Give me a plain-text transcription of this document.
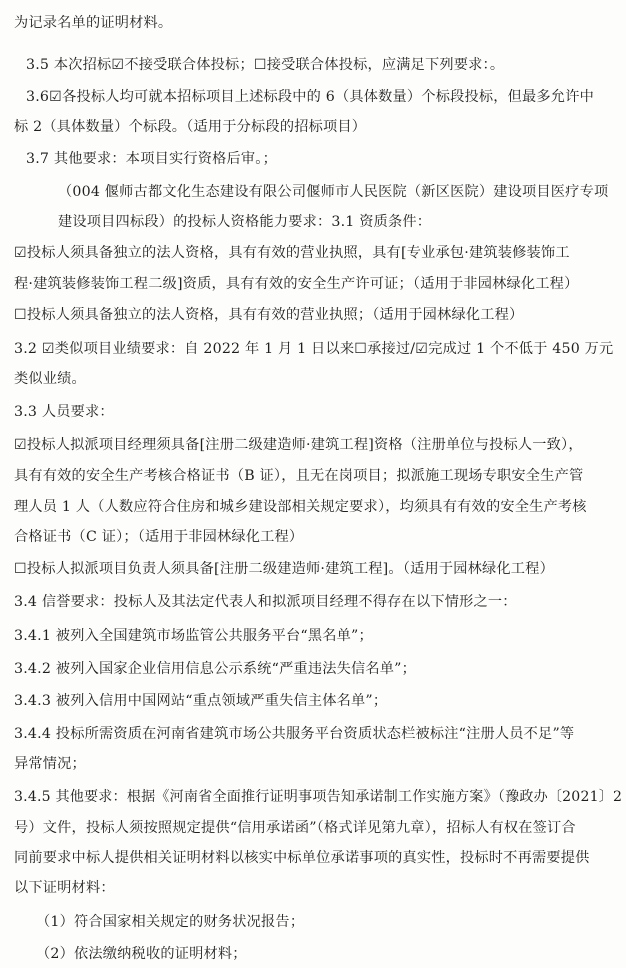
为记录名单的证明材料。
3.5 本次招标☑不接受联合体投标；☐接受联合体投标，应满足下列要求：。
3.6☑各投标人均可就本招标项目上述标段中的 6（具体数量）个标段投标，但最多允许中
标 2（具体数量）个标段。（适用于分标段的招标项目）
3.7 其他要求：本项目实行资格后审。；
（004 偃师古都文化生态建设有限公司偃师市人民医院（新区医院）建设项目医疗专项
建设项目四标段）的投标人资格能力要求：3.1 资质条件：
☑投标人须具备独立的法人资格，具有有效的营业执照，具有[专业承包·建筑装修装饰工
程·建筑装修装饰工程二级]资质，具有有效的安全生产许可证；（适用于非园林绿化工程）
☐投标人须具备独立的法人资格，具有有效的营业执照；（适用于园林绿化工程）
3.2 ☑类似项目业绩要求：自 2022 年 1 月 1 日以来☐承接过/☑完成过 1 个不低于 450 万元
类似业绩。
3.3 人员要求：
☑投标人拟派项目经理须具备[注册二级建造师·建筑工程]资格（注册单位与投标人一致），
具有有效的安全生产考核合格证书（B 证），且无在岗项目；拟派施工现场专职安全生产管
理人员 1 人（人数应符合住房和城乡建设部相关规定要求），均须具有有效的安全生产考核
合格证书（C 证）；（适用于非园林绿化工程）
☐投标人拟派项目负责人须具备[注册二级建造师·建筑工程]。（适用于园林绿化工程）
3.4 信誉要求：投标人及其法定代表人和拟派项目经理不得存在以下情形之一：
3.4.1 被列入全国建筑市场监管公共服务平台“黑名单”；
3.4.2 被列入国家企业信用信息公示系统“严重违法失信名单”；
3.4.3 被列入信用中国网站“重点领域严重失信主体名单”；
3.4.4 投标所需资质在河南省建筑市场公共服务平台资质状态栏被标注“注册人员不足”等
异常情况；
3.4.5 其他要求：根据《河南省全面推行证明事项告知承诺制工作实施方案》（豫政办〔2021〕2
号）文件，投标人须按照规定提供“信用承诺函”（格式详见第九章），招标人有权在签订合
同前要求中标人提供相关证明材料以核实中标单位承诺事项的真实性，投标时不再需要提供
以下证明材料：
（1）符合国家相关规定的财务状况报告；
（2）依法缴纳税收的证明材料；
